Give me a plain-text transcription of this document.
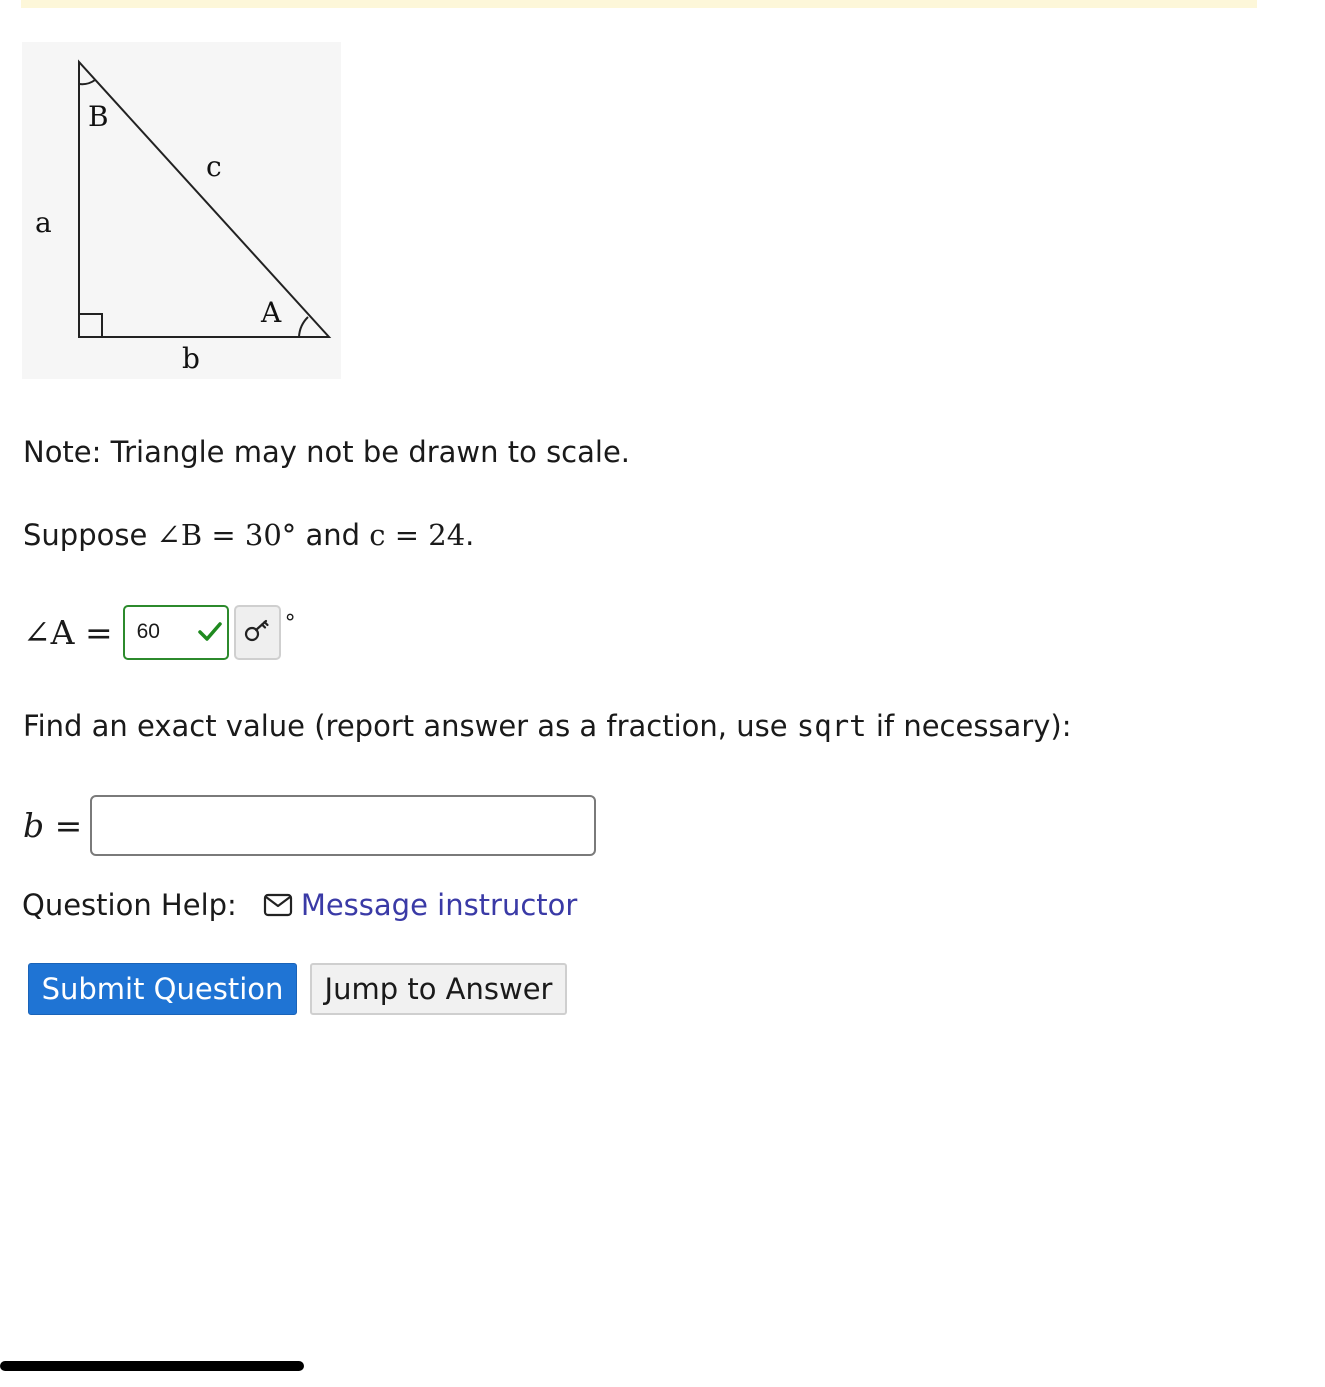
B
c
a
A
b
Note: Triangle may not be drawn to scale.
Suppose ∠B = 30° and c = 24.
∠A = 60	°
Find an exact value (report answer as a fraction, use sqrt if necessary):
b =
Question Help: Message instructor
Submit Question	Jump to Answer
